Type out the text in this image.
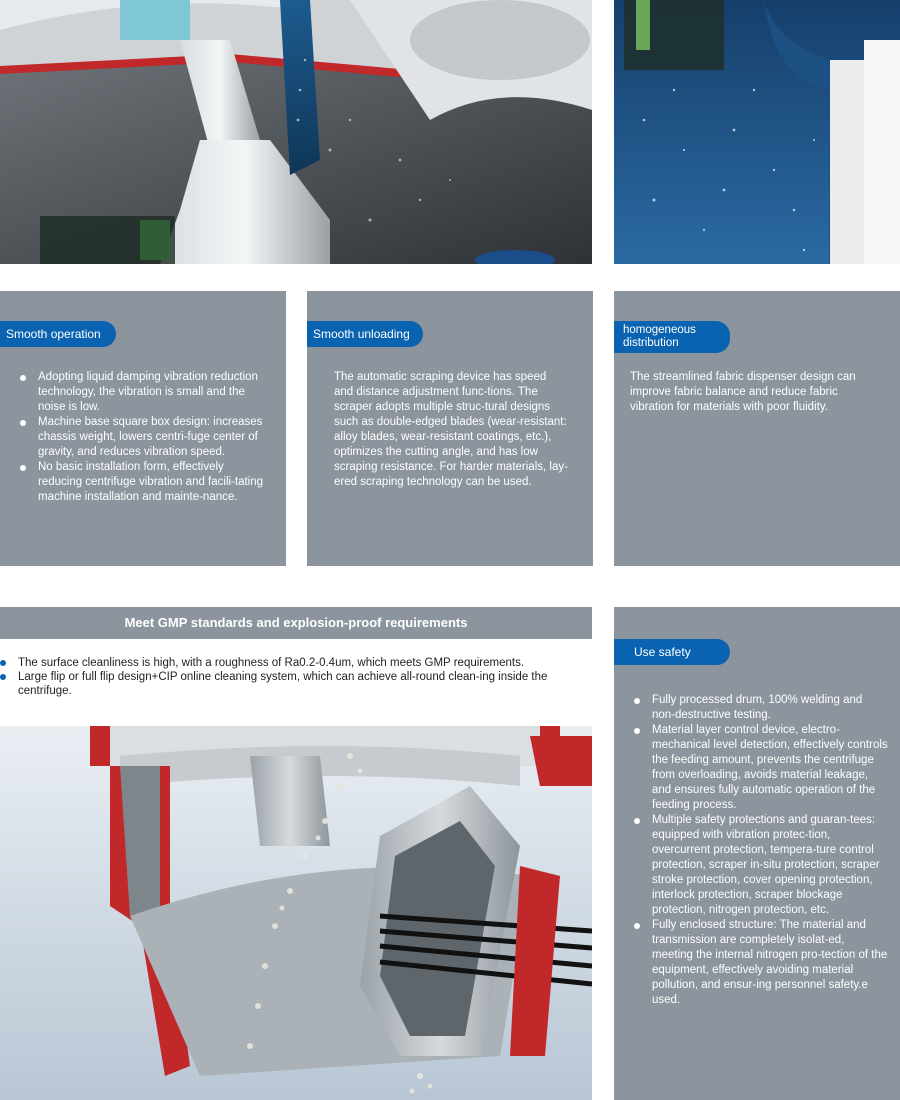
Smooth operation
Adopting liquid damping vibration reduction technology, the vibration is small and the noise is low.
Machine base square box design: increases chassis weight, lowers centri-fuge center of gravity, and reduces vibration speed.
No basic installation form, effectively reducing centrifuge vibration and facili-tating machine installation and mainte-nance.
Smooth unloading
The automatic scraping device has speed and distance adjustment func-tions. The scraper adopts multiple struc-tural designs such as double-edged blades (wear-resistant: alloy blades, wear-resistant coatings, etc.), optimizes the cutting angle, and has low scraping resistance. For harder materials, lay-ered scraping technology can be used.
homogeneous distribution
The streamlined fabric dispenser design can improve fabric balance and reduce fabric vibration for materials with poor fluidity.
Meet GMP standards and explosion-proof requirements
The surface cleanliness is high, with a roughness of Ra0.2-0.4um, which meets GMP requirements.
Large flip or full flip design+CIP online cleaning system, which can achieve all-round clean-ing inside the centrifuge.
Use safety
Fully processed drum, 100% welding and non-destructive testing.
Material layer control device, electro-mechanical level detection, effectively controls the feeding amount, prevents the centrifuge from overloading, avoids material leakage, and ensures fully automatic operation of the feeding process.
Multiple safety protections and guaran-tees: equipped with vibration protec-tion, overcurrent protection, tempera-ture control protection, scraper in-situ protection, scraper stroke protection, cover opening protection, interlock protection, scraper blockage protection, nitrogen protection, etc.
Fully enclosed structure: The material and transmission are completely isolat-ed, meeting the internal nitrogen pro-tection of the equipment, effectively avoiding material pollution, and ensur-ing personnel safety.e used.
